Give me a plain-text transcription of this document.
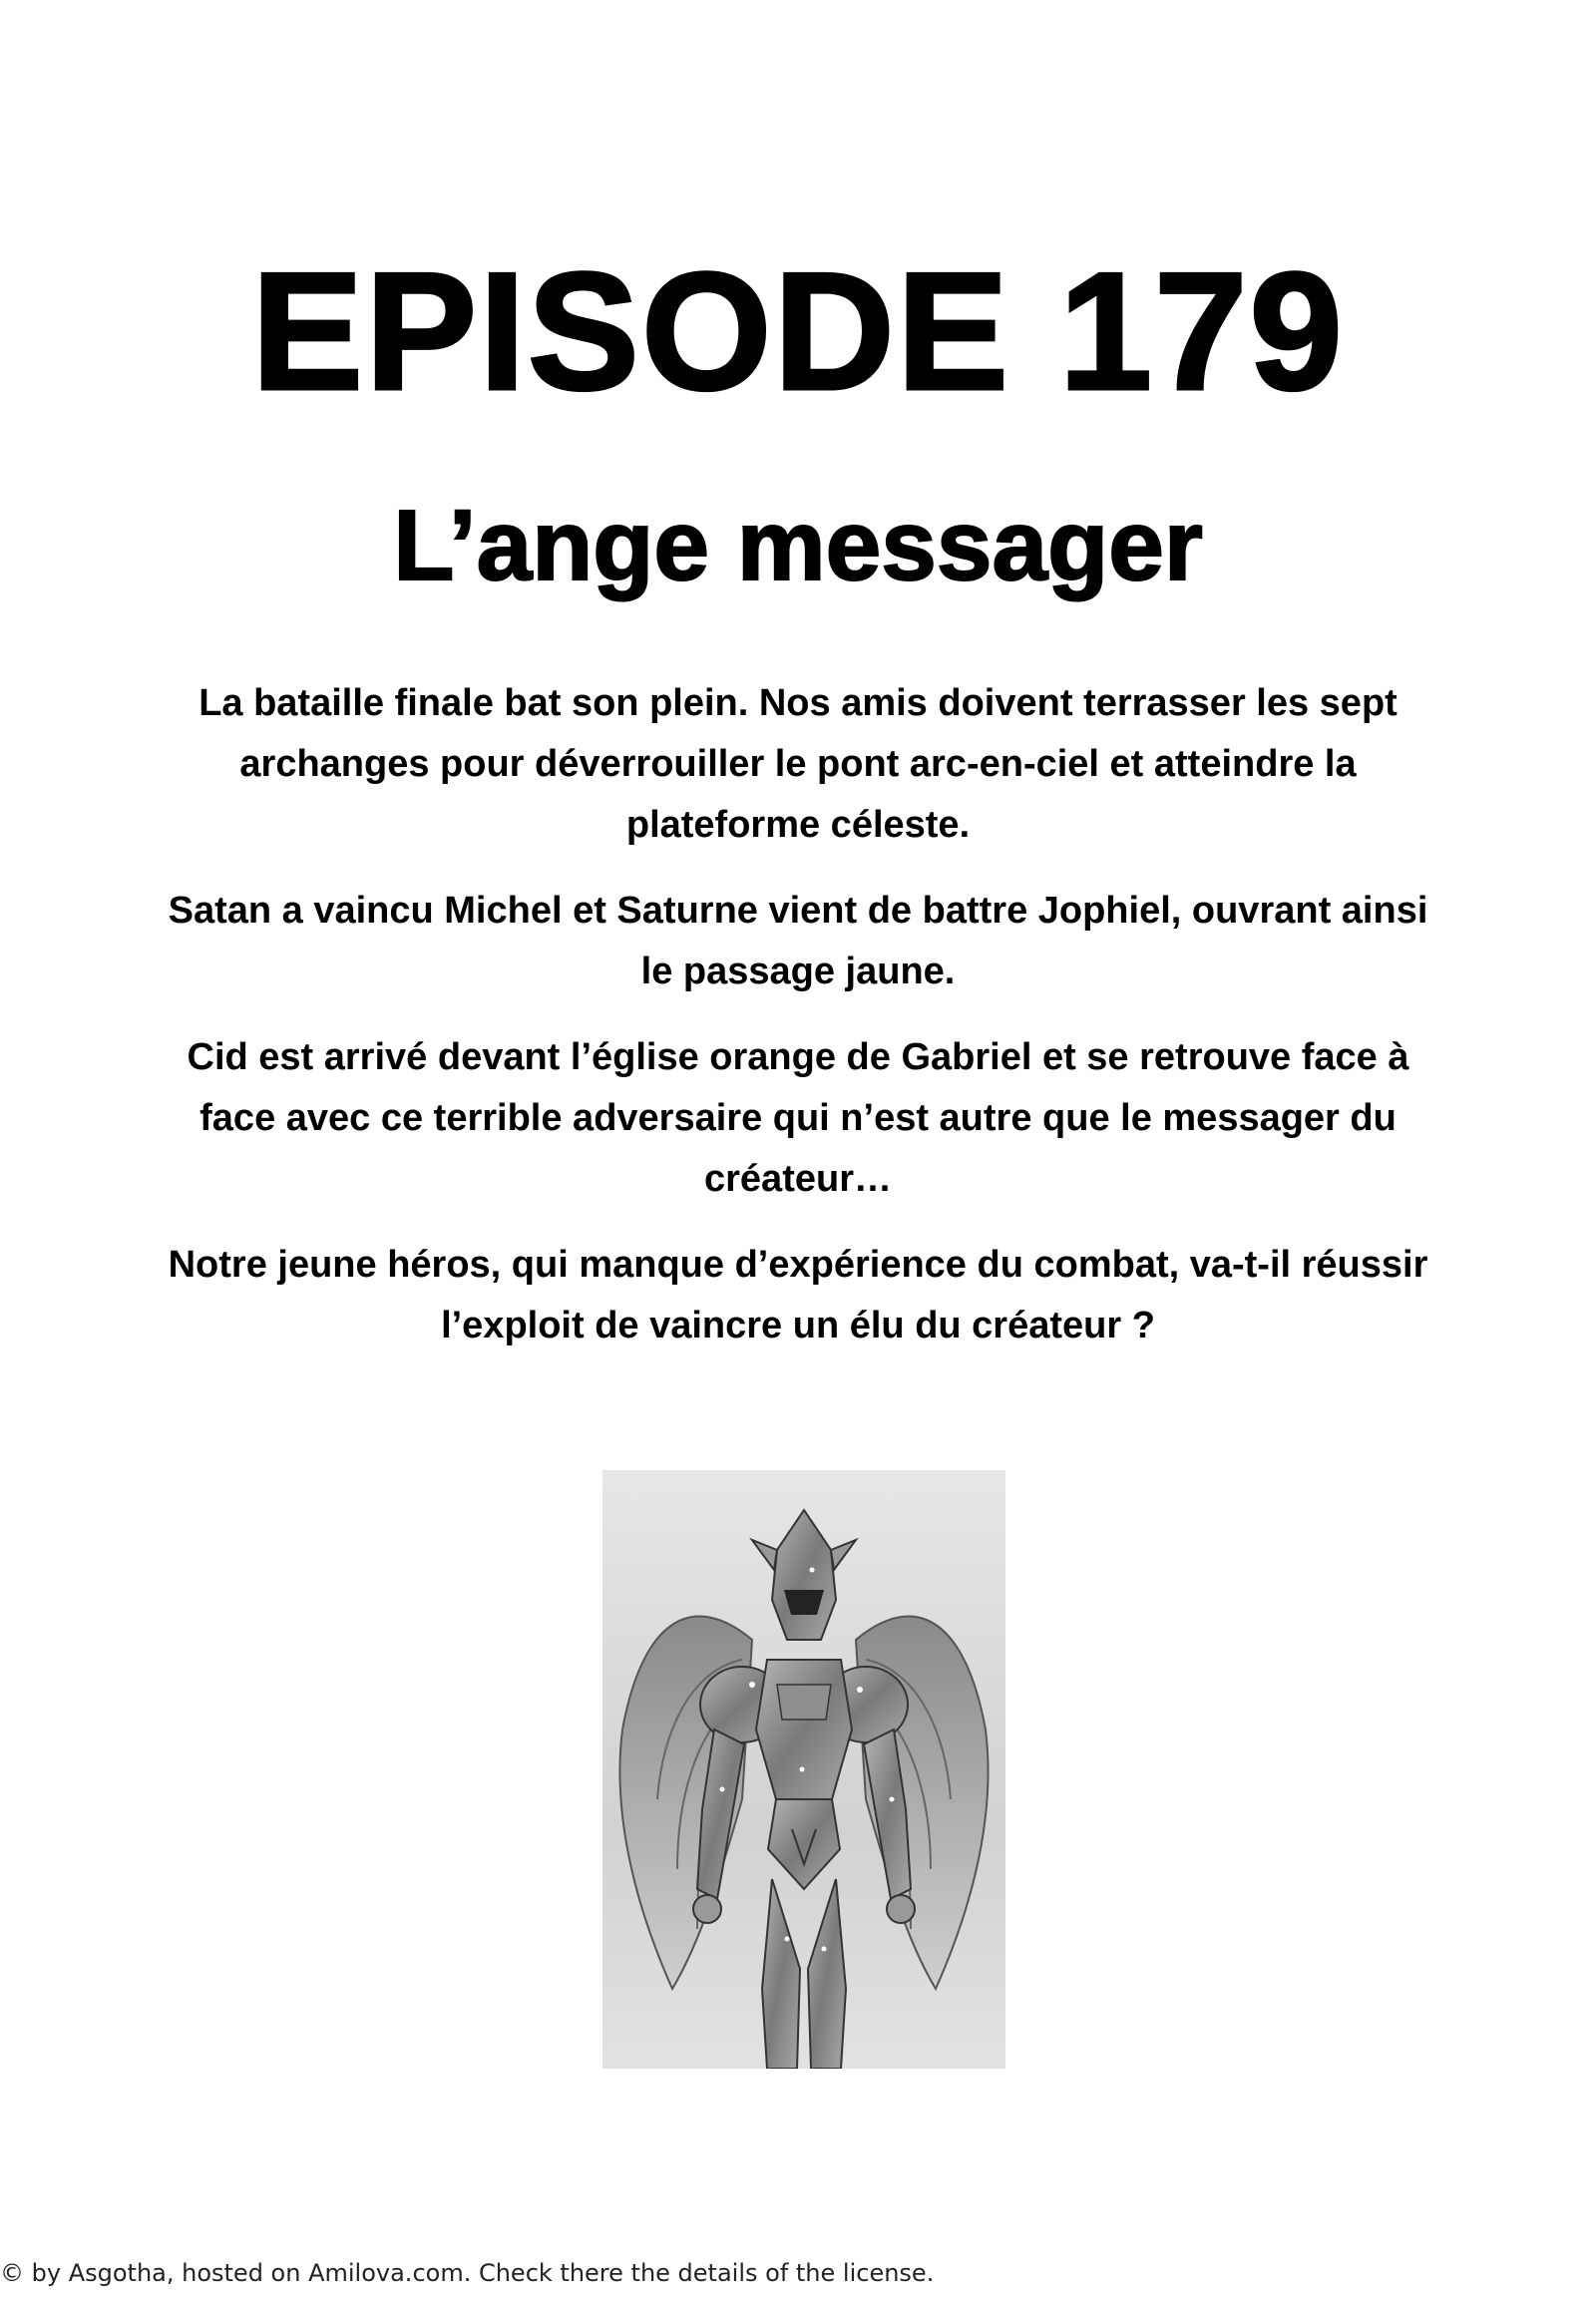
EPISODE 179
L’ange messager

La bataille finale bat son plein. Nos amis doivent terrasser les sept archanges pour déverrouiller le pont arc-en-ciel et atteindre la plateforme céleste.

Satan a vaincu Michel et Saturne vient de battre Jophiel, ouvrant ainsi le passage jaune.

Cid est arrivé devant l’église orange de Gabriel et se retrouve face à face avec ce terrible adversaire qui n’est autre que le messager du créateur…

Notre jeune héros, qui manque d’expérience du combat, va-t-il réussir l’exploit de vaincre un élu du créateur ?

© by Asgotha, hosted on Amilova.com. Check there the details of the license.
